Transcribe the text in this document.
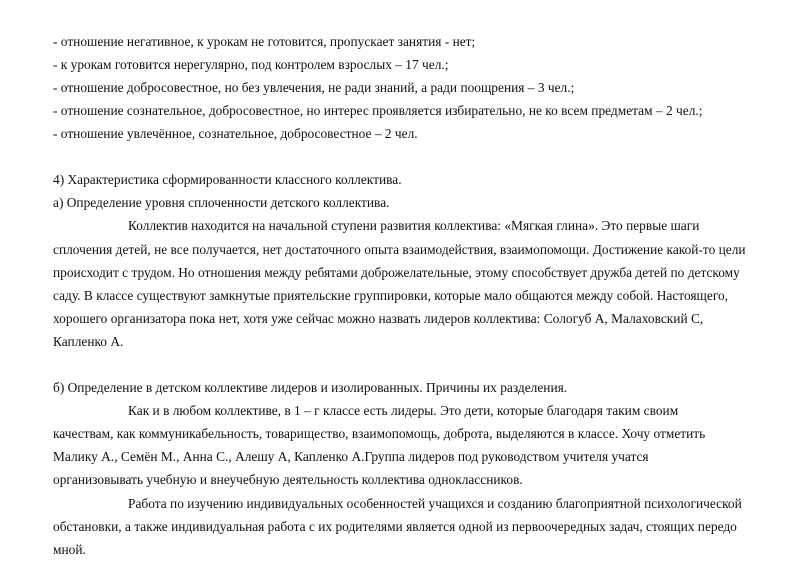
- отношение негативное, к урокам не готовится, пропускает занятия - нет;
- к урокам готовится нерегулярно, под контролем взрослых – 17 чел.;
- отношение добросовестное, но без увлечения, не ради знаний, а ради поощрения – 3 чел.;
- отношение сознательное, добросовестное, но интерес проявляется избирательно, не ко всем предметам – 2 чел.;
- отношение увлечённое, сознательное, добросовестное – 2 чел.
4) Характеристика сформированности классного коллектива.
а) Определение уровня сплоченности детского коллектива.
Коллектив находится на начальной ступени развития коллектива: «Мягкая глина». Это первые шаги
сплочения детей, не все получается, нет достаточного опыта взаимодействия, взаимопомощи. Достижение какой-то цели
происходит с трудом. Но отношения между ребятами доброжелательные, этому способствует дружба детей по детскому
саду. В классе существуют замкнутые приятельские группировки, которые мало общаются между собой. Настоящего,
хорошего организатора пока нет, хотя уже сейчас можно назвать лидеров коллектива: Сологуб А, Малаховский С,
Капленко А.
б) Определение в детском коллективе лидеров и изолированных. Причины их разделения.
Как и в любом коллективе, в 1 – г классе есть лидеры. Это дети, которые благодаря таким своим
качествам, как коммуникабельность, товарищество, взаимопомощь, доброта, выделяются в классе. Хочу отметить
Малику А., Семён М., Анна С., Алешу А, Капленко А.Группа лидеров под руководством учителя учатся
организовывать учебную и внеучебную деятельность коллектива одноклассников.
Работа по изучению индивидуальных особенностей учащихся и созданию благоприятной психологической
обстановки, а также индивидуальная работа с их родителями является одной из первоочередных задач, стоящих передо
мной.
